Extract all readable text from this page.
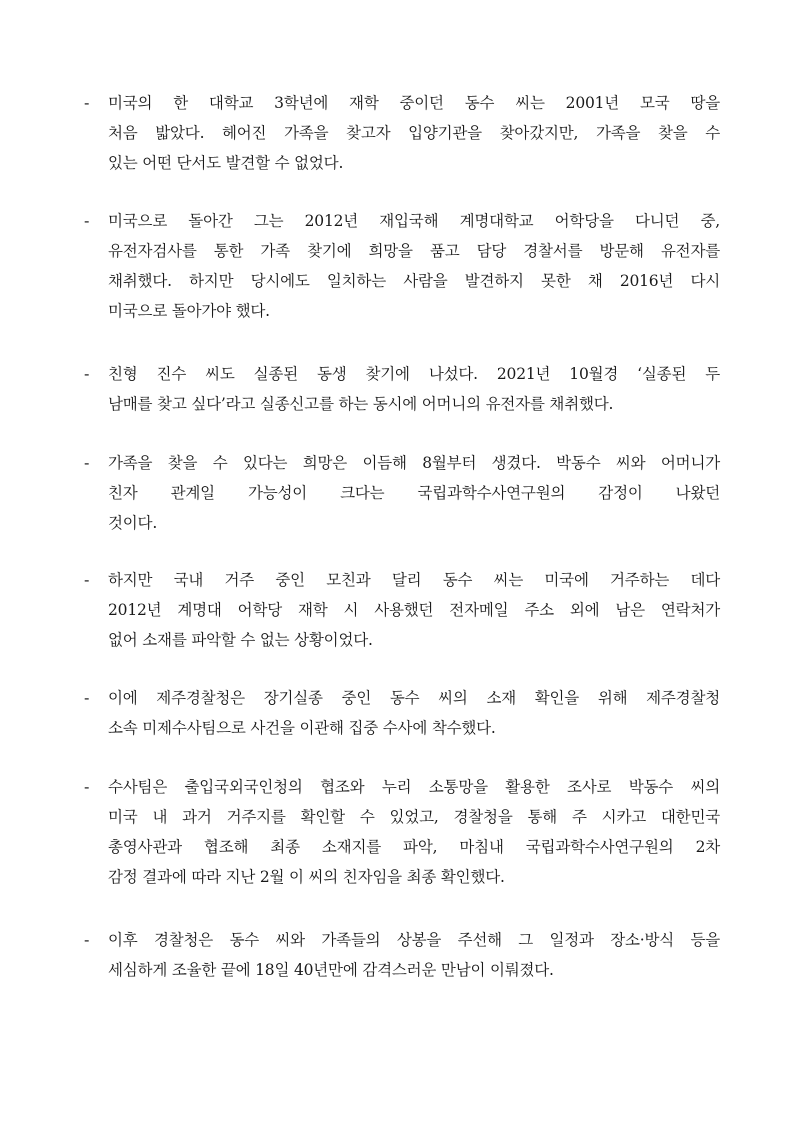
- 미국의 한 대학교 3학년에 재학 중이던 동수 씨는 2001년 모국 땅을
처음 밟았다. 헤어진 가족을 찾고자 입양기관을 찾아갔지만, 가족을 찾을 수
있는 어떤 단서도 발견할 수 없었다.
- 미국으로 돌아간 그는 2012년 재입국해 계명대학교 어학당을 다니던 중,
유전자검사를 통한 가족 찾기에 희망을 품고 담당 경찰서를 방문해 유전자를
채취했다. 하지만 당시에도 일치하는 사람을 발견하지 못한 채 2016년 다시
미국으로 돌아가야 했다.
- 친형 진수 씨도 실종된 동생 찾기에 나섰다. 2021년 10월경 ‘실종된 두
남매를 찾고 싶다’라고 실종신고를 하는 동시에 어머니의 유전자를 채취했다.
- 가족을 찾을 수 있다는 희망은 이듬해 8월부터 생겼다. 박동수 씨와 어머니가
친자 관계일 가능성이 크다는 국립과학수사연구원의 감정이 나왔던
것이다.
- 하지만 국내 거주 중인 모친과 달리 동수 씨는 미국에 거주하는 데다
2012년 계명대 어학당 재학 시 사용했던 전자메일 주소 외에 남은 연락처가
없어 소재를 파악할 수 없는 상황이었다.
- 이에 제주경찰청은 장기실종 중인 동수 씨의 소재 확인을 위해 제주경찰청
소속 미제수사팀으로 사건을 이관해 집중 수사에 착수했다.
- 수사팀은 출입국외국인청의 협조와 누리 소통망을 활용한 조사로 박동수 씨의
미국 내 과거 거주지를 확인할 수 있었고, 경찰청을 통해 주 시카고 대한민국
총영사관과 협조해 최종 소재지를 파악, 마침내 국립과학수사연구원의 2차
감정 결과에 따라 지난 2월 이 씨의 친자임을 최종 확인했다.
- 이후 경찰청은 동수 씨와 가족들의 상봉을 주선해 그 일정과 장소·방식 등을
세심하게 조율한 끝에 18일 40년만에 감격스러운 만남이 이뤄졌다.
